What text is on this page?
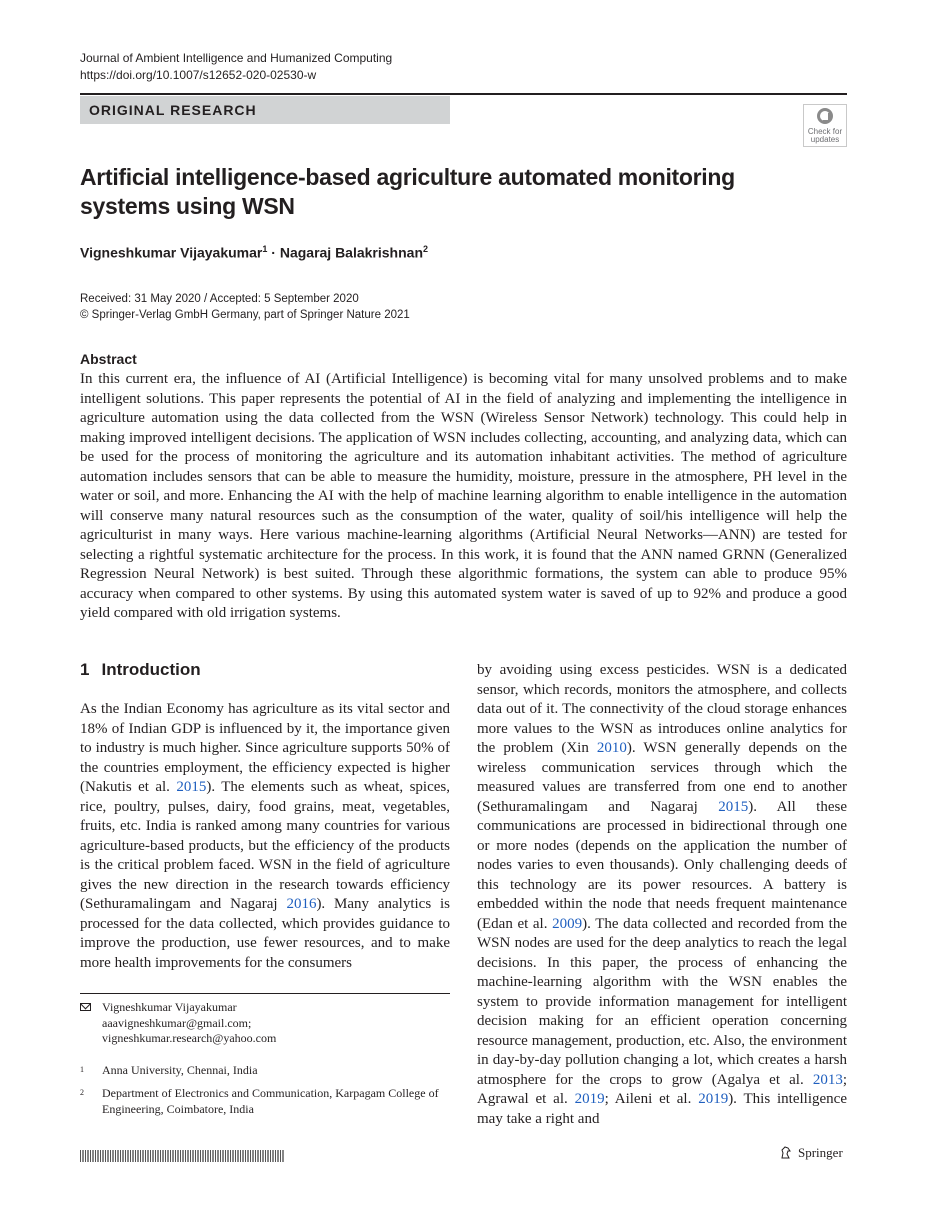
Journal of Ambient Intelligence and Humanized Computing
https://doi.org/10.1007/s12652-020-02530-w
ORIGINAL RESEARCH
Check for
updates
Artificial intelligence-based agriculture automated monitoring systems using WSN
Vigneshkumar Vijayakumar$^1$ · Nagaraj Balakrishnan$^2$
Received: 31 May 2020 / Accepted: 5 September 2020
© Springer-Verlag GmbH Germany, part of Springer Nature 2021
Abstract
In this current era, the influence of AI (Artificial Intelligence) is becoming vital for many unsolved problems and to make intelligent solutions. This paper represents the potential of AI in the field of analyzing and implementing the intelligence in agriculture automation using the data collected from the WSN (Wireless Sensor Network) technology. This could help in making improved intelligent decisions. The application of WSN includes collecting, accounting, and analyzing data, which can be used for the process of monitoring the agriculture and its automation inhabitant activities. The method of agriculture automation includes sensors that can be able to measure the humidity, moisture, pressure in the atmosphere, PH level in the water or soil, and more. Enhancing the AI with the help of machine learning algorithm to enable intelligence in the automation will conserve many natural resources such as the consumption of the water, quality of soil/his intelligence will help the agriculturist in many ways. Here various machine-learning algorithms (Artificial Neural Networks—ANN) are tested for selecting a rightful systematic architecture for the process. In this work, it is found that the ANN named GRNN (Generalized Regression Neural Network) is best suited. Through these algorithmic formations, the system can able to produce 95% accuracy when compared to other systems. By using this automated system water is saved of up to 92% and produce a good yield compared with old irrigation systems.
1 Introduction
As the Indian Economy has agriculture as its vital sector and 18% of Indian GDP is influenced by it, the importance given to industry is much higher. Since agriculture supports 50% of the countries employment, the efficiency expected is higher (Nakutis et al. 2015). The elements such as wheat, spices, rice, poultry, pulses, dairy, food grains, meat, vegetables, fruits, etc. India is ranked among many countries for various agriculture-based products, but the efficiency of the products is the critical problem faced. WSN in the field of agriculture gives the new direction in the research towards efficiency (Sethuramalingam and Nagaraj 2016). Many analytics is processed for the data collected, which provides guidance to improve the production, use fewer resources, and to make more health improvements for the consumers
by avoiding using excess pesticides. WSN is a dedicated sensor, which records, monitors the atmosphere, and collects data out of it. The connectivity of the cloud storage enhances more values to the WSN as introduces online analytics for the problem (Xin 2010). WSN generally depends on the wireless communication services through which the measured values are transferred from one end to another (Sethuramalingam and Nagaraj 2015). All these communications are processed in bidirectional through one or more nodes (depends on the application the number of nodes varies to even thousands). Only challenging deeds of this technology are its power resources. A battery is embedded within the node that needs frequent maintenance (Edan et al. 2009). The data collected and recorded from the WSN nodes are used for the deep analytics to reach the legal decisions. In this paper, the process of enhancing the machine-learning algorithm with the WSN enables the system to provide information management for intelligent decision making for an efficient operation concerning resource management, production, etc. Also, the environment in day-by-day pollution changing a lot, which creates a harsh atmosphere for the crops to grow (Agalya et al. 2013; Agrawal et al. 2019; Aileni et al. 2019). This intelligence may take a right and
Vigneshkumar Vijayakumar
aaavigneshkumar@gmail.com;
vigneshkumar.research@yahoo.com
1 Anna University, Chennai, India
2 Department of Electronics and Communication, Karpagam College of Engineering, Coimbatore, India
Springer
